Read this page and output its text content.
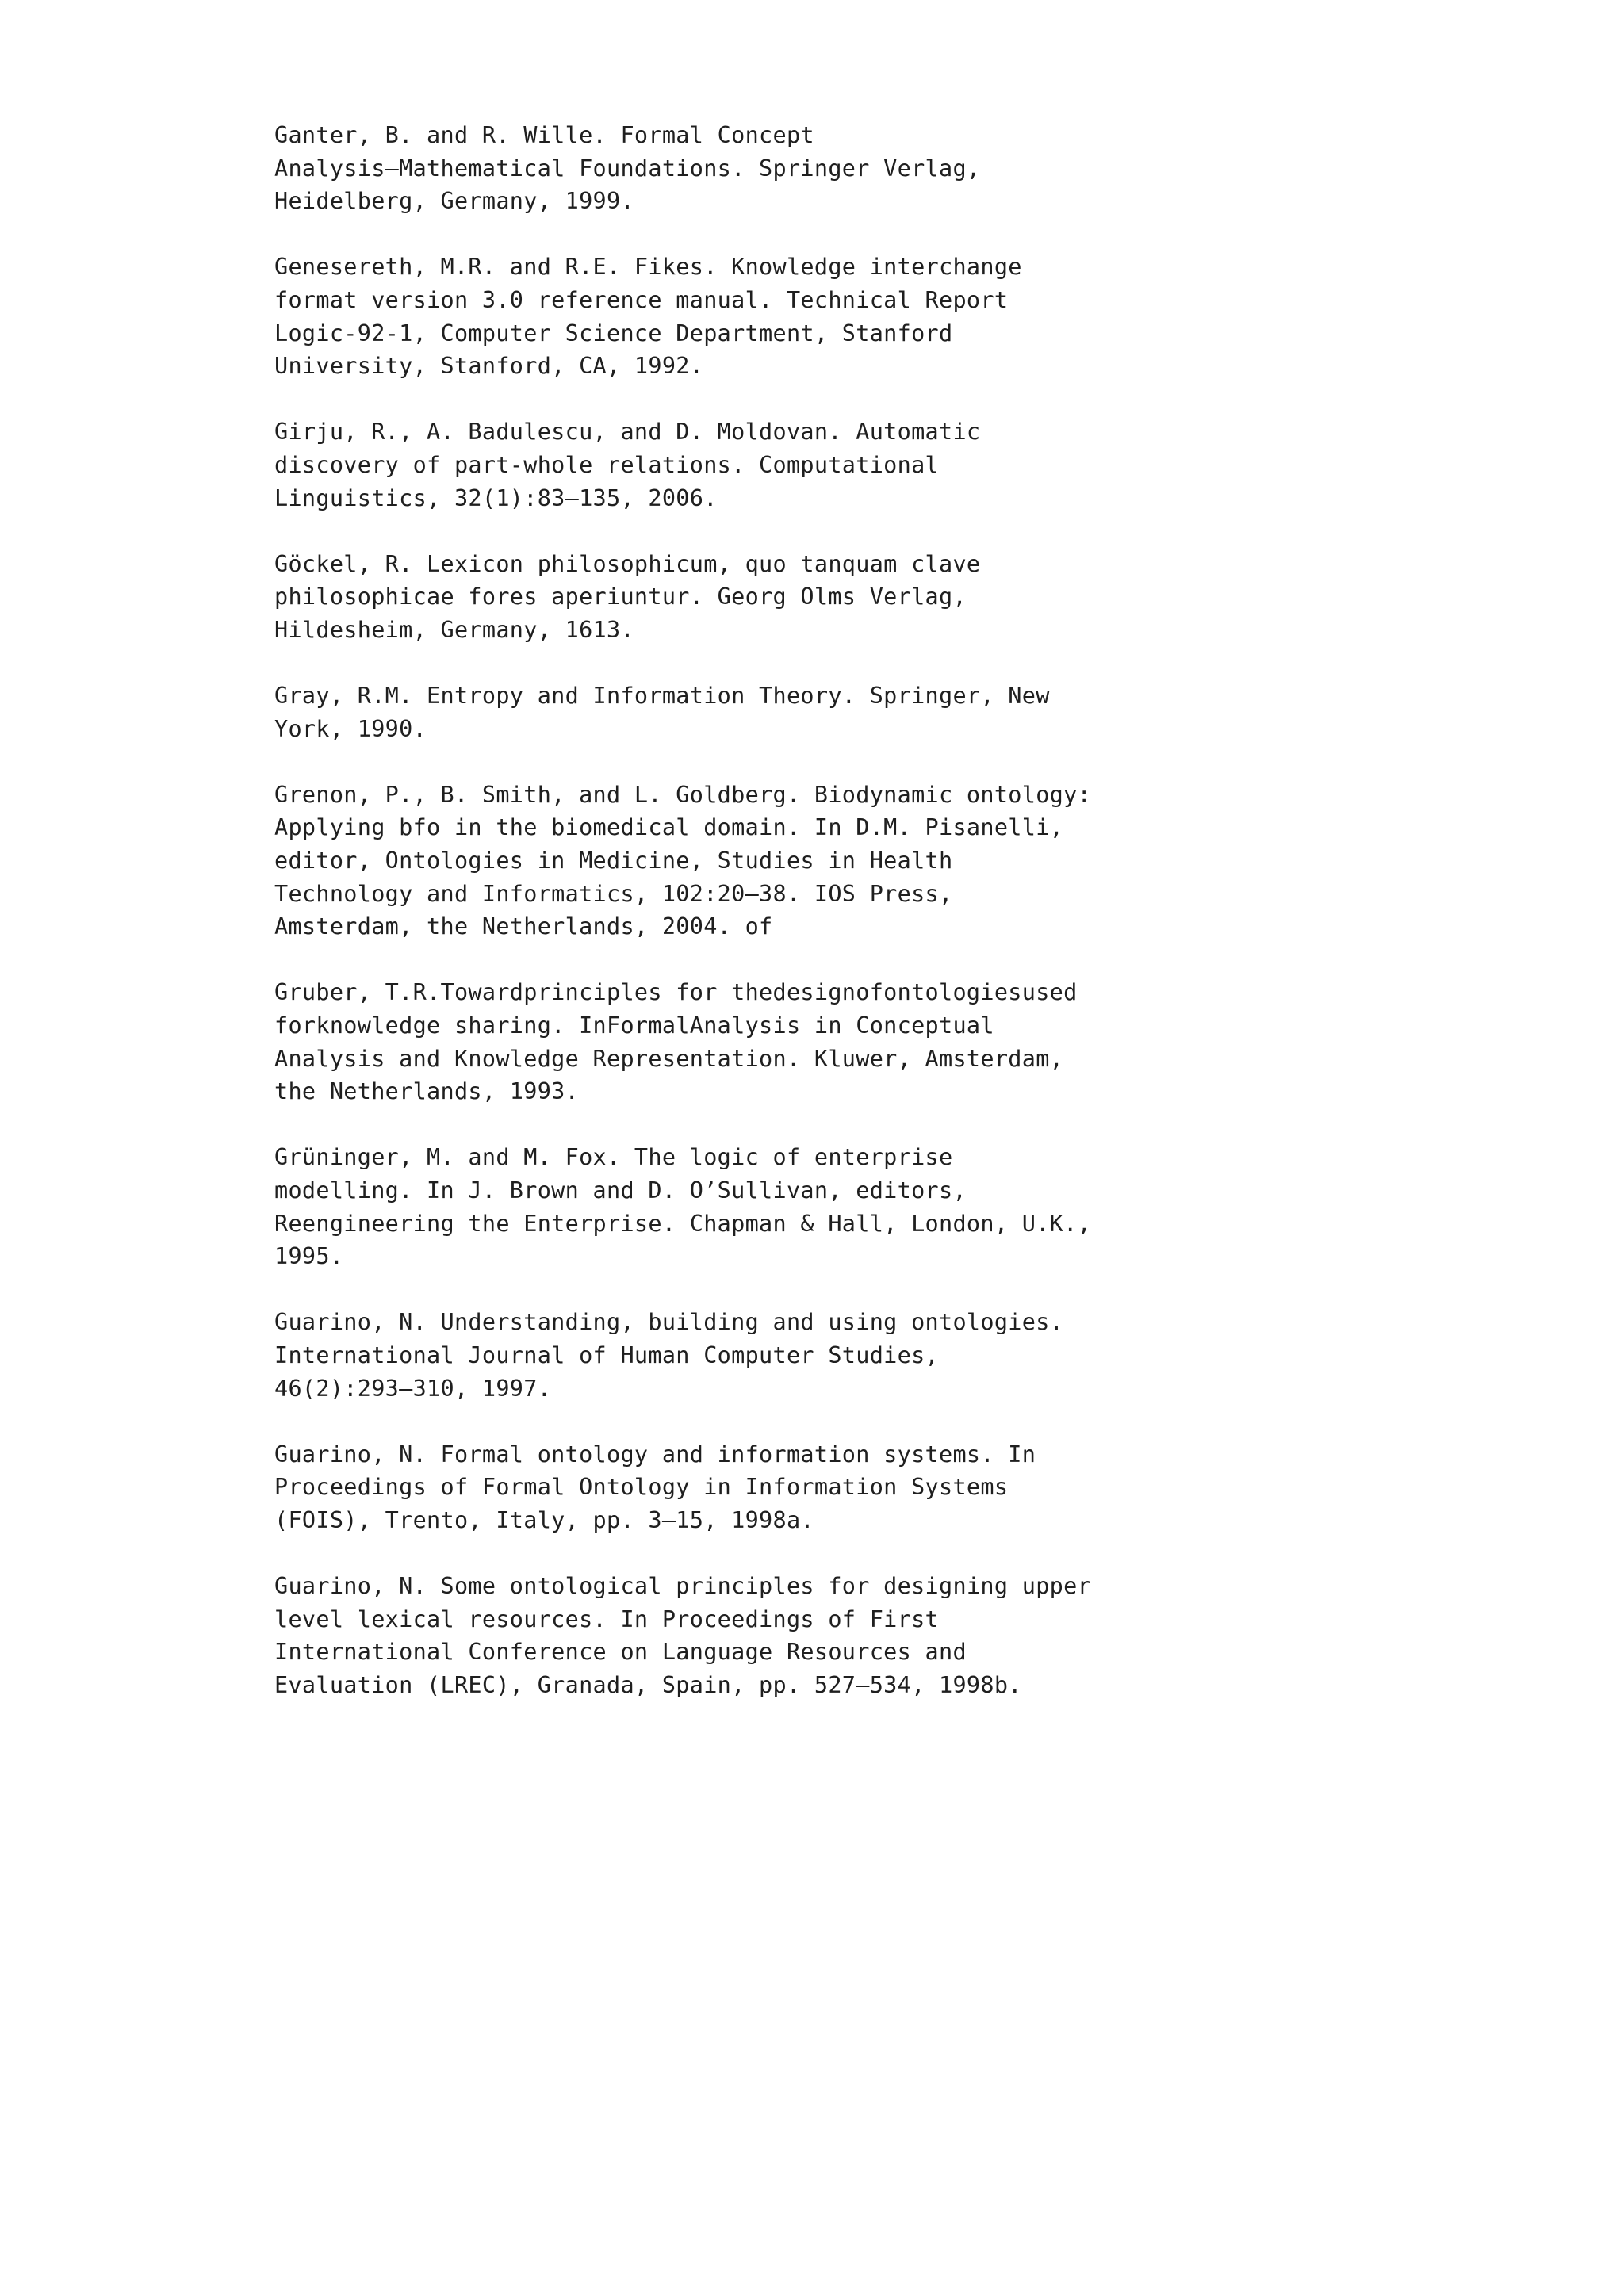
Ganter, B. and R. Wille. Formal Concept
Analysis—Mathematical Foundations. Springer Verlag,
Heidelberg, Germany, 1999.
Genesereth, M.R. and R.E. Fikes. Knowledge interchange
format version 3.0 reference manual. Technical Report
Logic-92-1, Computer Science Department, Stanford
University, Stanford, CA, 1992.
Girju, R., A. Badulescu, and D. Moldovan. Automatic
discovery of part-whole relations. Computational
Linguistics, 32(1):83–135, 2006.
Göckel, R. Lexicon philosophicum, quo tanquam clave
philosophicae fores aperiuntur. Georg Olms Verlag,
Hildesheim, Germany, 1613.
Gray, R.M. Entropy and Information Theory. Springer, New
York, 1990.
Grenon, P., B. Smith, and L. Goldberg. Biodynamic ontology:
Applying bfo in the biomedical domain. In D.M. Pisanelli,
editor, Ontologies in Medicine, Studies in Health
Technology and Informatics, 102:20–38. IOS Press,
Amsterdam, the Netherlands, 2004. of
Gruber, T.R.Towardprinciples for thedesignofontologiesused
forknowledge sharing. InFormalAnalysis in Conceptual
Analysis and Knowledge Representation. Kluwer, Amsterdam,
the Netherlands, 1993.
Grüninger, M. and M. Fox. The logic of enterprise
modelling. In J. Brown and D. O’Sullivan, editors,
Reengineering the Enterprise. Chapman & Hall, London, U.K.,
1995.
Guarino, N. Understanding, building and using ontologies.
International Journal of Human Computer Studies,
46(2):293–310, 1997.
Guarino, N. Formal ontology and information systems. In
Proceedings of Formal Ontology in Information Systems
(FOIS), Trento, Italy, pp. 3–15, 1998a.
Guarino, N. Some ontological principles for designing upper
level lexical resources. In Proceedings of First
International Conference on Language Resources and
Evaluation (LREC), Granada, Spain, pp. 527–534, 1998b.
